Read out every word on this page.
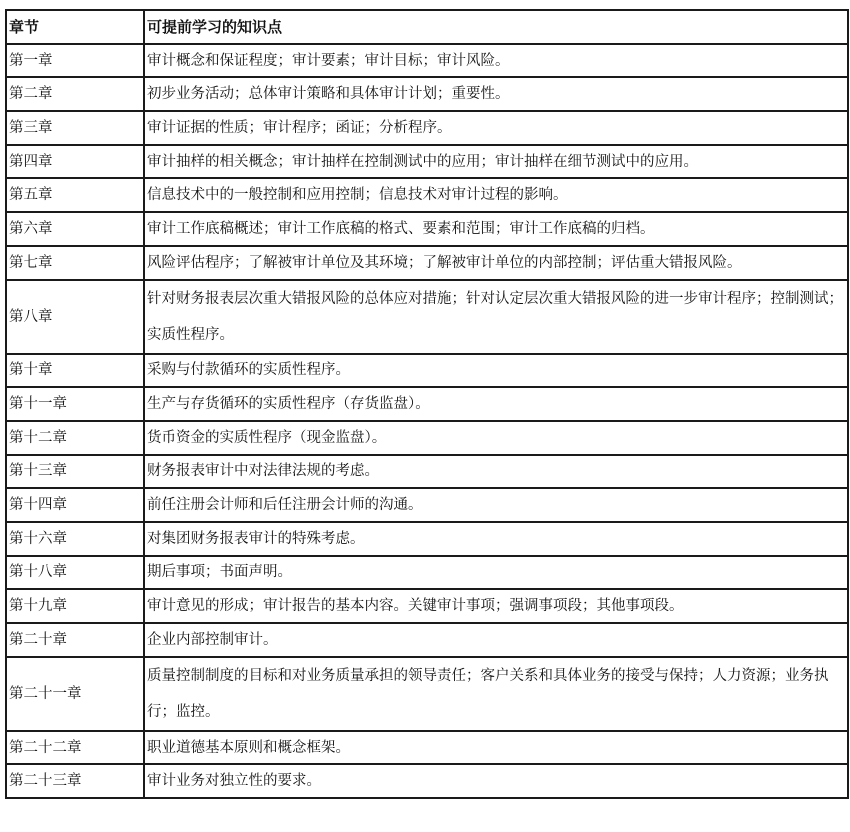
章节	可提前学习的知识点
第一章	审计概念和保证程度；审计要素；审计目标；审计风险。
第二章	初步业务活动；总体审计策略和具体审计计划；重要性。
第三章	审计证据的性质；审计程序；函证；分析程序。
第四章	审计抽样的相关概念；审计抽样在控制测试中的应用；审计抽样在细节测试中的应用。
第五章	信息技术中的一般控制和应用控制；信息技术对审计过程的影响。
第六章	审计工作底稿概述；审计工作底稿的格式、要素和范围；审计工作底稿的归档。
第七章	风险评估程序；了解被审计单位及其环境；了解被审计单位的内部控制；评估重大错报风险。
第八章	针对财务报表层次重大错报风险的总体应对措施；针对认定层次重大错报风险的进一步审计程序；控制测试；实质性程序。
第十章	采购与付款循环的实质性程序。
第十一章	生产与存货循环的实质性程序（存货监盘）。
第十二章	货币资金的实质性程序（现金监盘）。
第十三章	财务报表审计中对法律法规的考虑。
第十四章	前任注册会计师和后任注册会计师的沟通。
第十六章	对集团财务报表审计的特殊考虑。
第十八章	期后事项；书面声明。
第十九章	审计意见的形成；审计报告的基本内容。关键审计事项；强调事项段；其他事项段。
第二十章	企业内部控制审计。
第二十一章	质量控制制度的目标和对业务质量承担的领导责任；客户关系和具体业务的接受与保持；人力资源；业务执行；监控。
第二十二章	职业道德基本原则和概念框架。
第二十三章	审计业务对独立性的要求。
